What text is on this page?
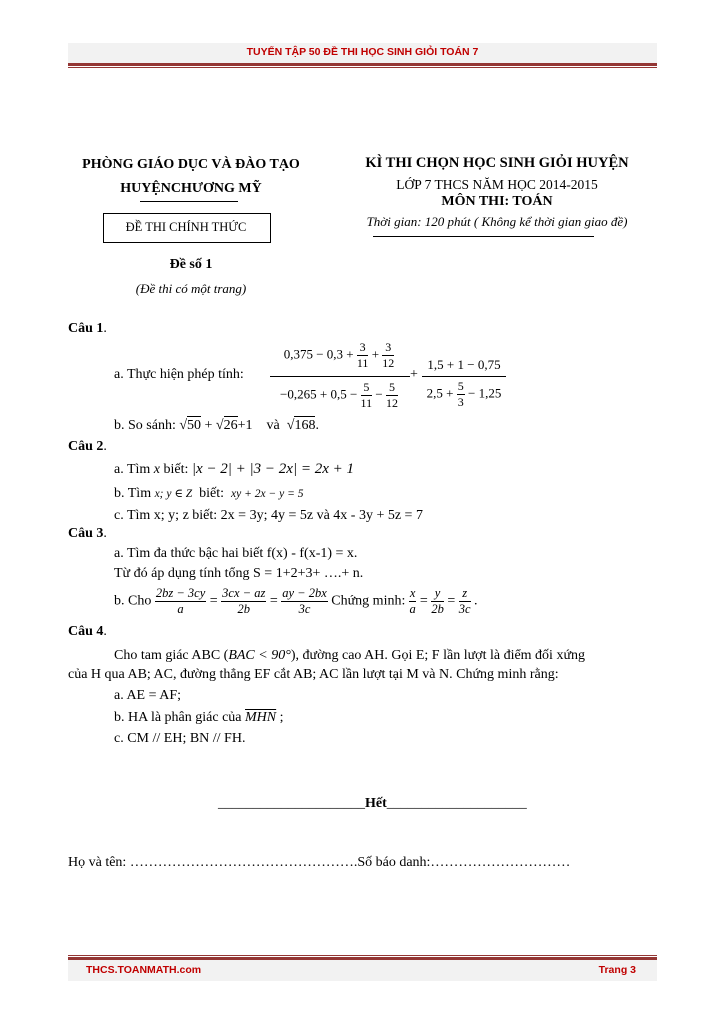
TUYỂN TẬP 50 ĐỀ THI HỌC SINH GIỎI TOÁN 7
PHÒNG GIÁO DỤC VÀ ĐÀO TẠO
HUYỆNCHƯƠNG MỸ
ĐỀ THI CHÍNH THỨC
Đề số 1
(Đề thi có một trang)
KÌ THI CHỌN HỌC SINH GIỎI HUYỆN
LỚP 7 THCS NĂM HỌC 2014-2015
MÔN THI: TOÁN
Thời gian: 120 phút ( Không kể thời gian giao đề)
Câu 1.
a. Thực hiện phép tính:
$0,375 - 0,3 + \frac{3}{11} + \frac{3}{12}$
$-0,265 + 0,5 - \frac{5}{11} - \frac{5}{12}$
+
1,5 + 1 − 0,75
$2,5 + \frac{5}{3} - 1,25$
b. So sánh: √50 + √26+1 và  √168.
Câu 2.
a. Tìm x biết: |x − 2| + |3 − 2x| = 2x + 1
b. Tìm x; y ∈ Z biết: xy + 2x − y = 5
c. Tìm x; y; z biết: 2x = 3y; 4y = 5z và 4x - 3y + 5z = 7
Câu 3.
a. Tìm đa thức bậc hai biết f(x) - f(x-1) = x.
Từ đó áp dụng tính tổng S = 1+2+3+ ….+ n.
b. Cho $\frac{2bz - 3cy}{a} = \frac{3cx - az}{2b} = \frac{ay - 2bx}{3c}$ Chứng minh: $\frac{x}{a} = \frac{y}{2b} = \frac{z}{3c}$ .
Câu 4.
Cho tam giác ABC (BAC < 90°), đường cao AH. Gọi E; F lần lượt là điểm đối xứng
của H qua AB; AC, đường thẳng EF cắt AB; AC lần lượt tại M và N. Chứng minh rằng:
a. AE = AF;
b. HA là phân giác của $\overline{MHN}$ ;
c. CM // EH; BN // FH.
_____________________Hết____________________
Họ và tên: ………………………………………….Số báo danh:…………………………
THCS.TOANMATH.com	Trang 3
